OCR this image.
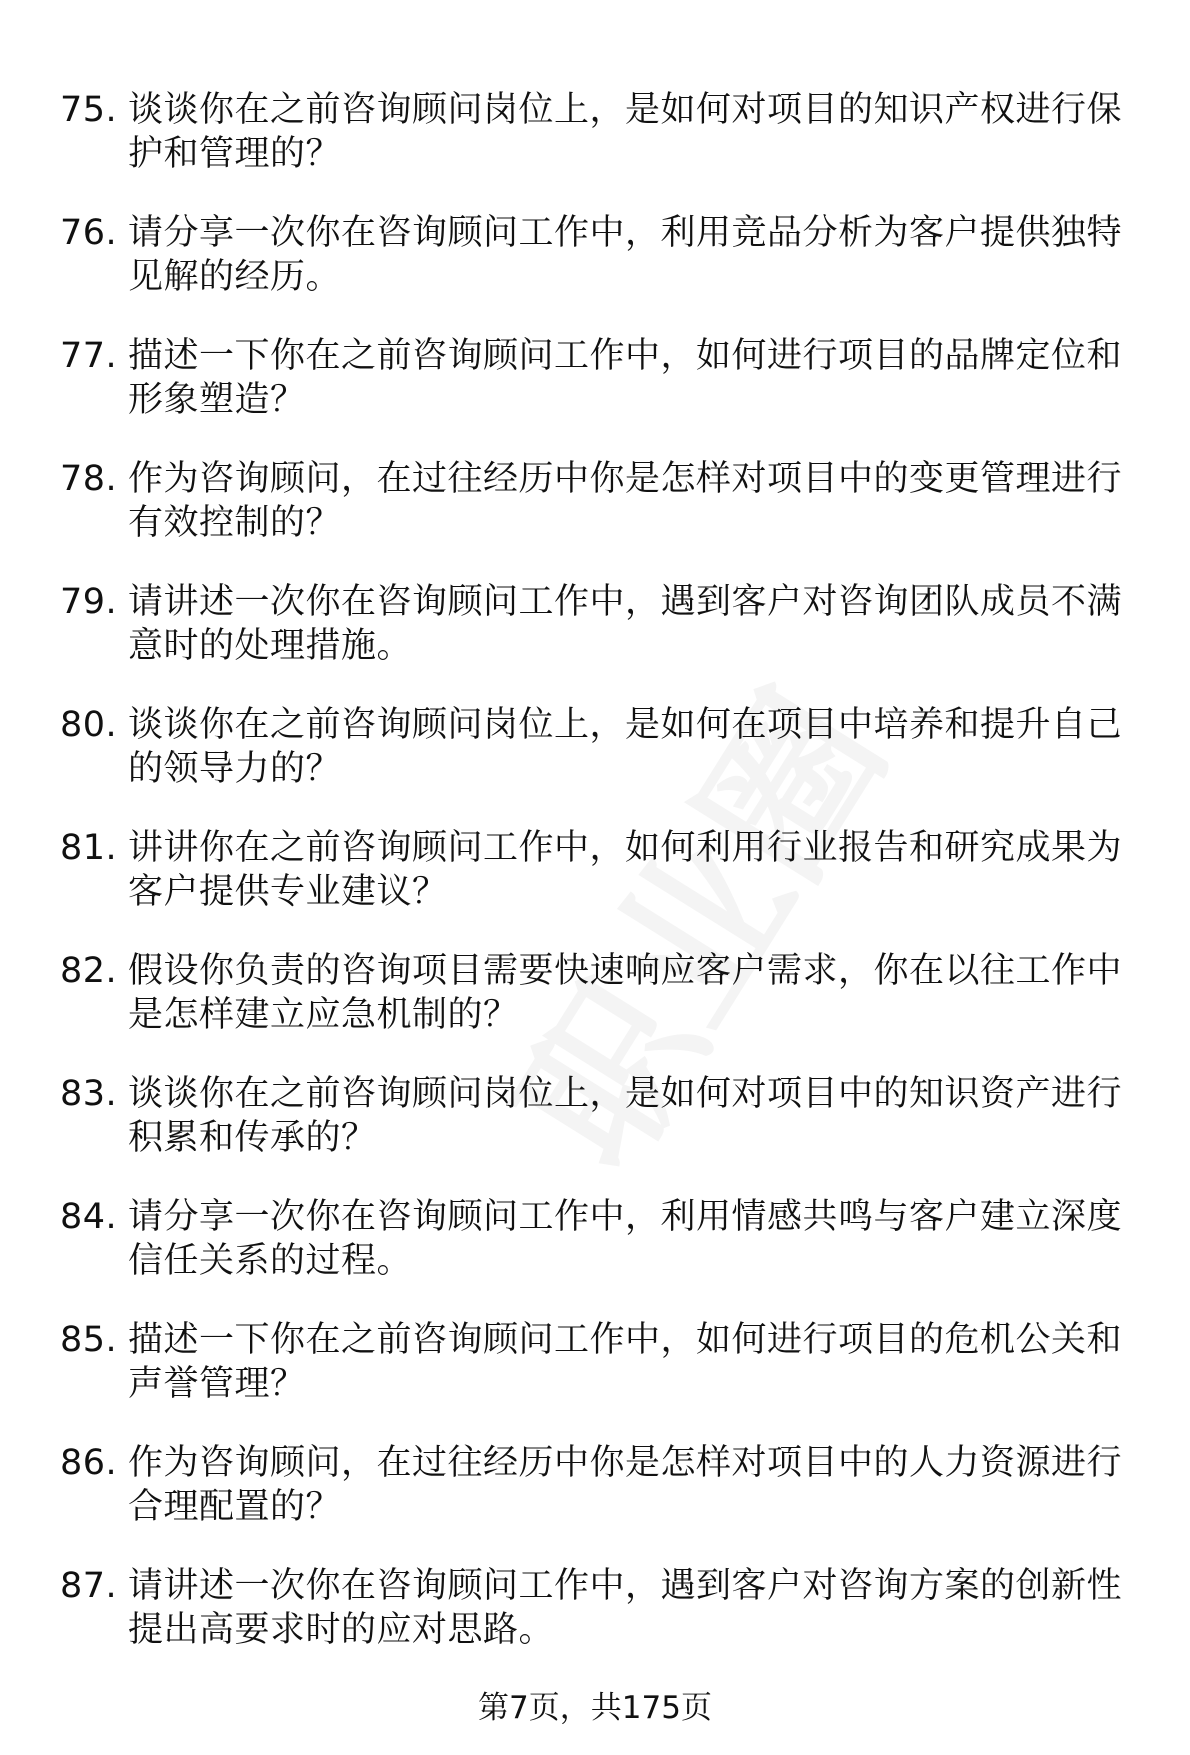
75. 谈谈你在之前咨询顾问岗位上，是如何对项目的知识产权进行保护和管理的？
76. 请分享一次你在咨询顾问工作中，利用竞品分析为客户提供独特见解的经历。
77. 描述一下你在之前咨询顾问工作中，如何进行项目的品牌定位和形象塑造？
78. 作为咨询顾问，在过往经历中你是怎样对项目中的变更管理进行有效控制的？
79. 请讲述一次你在咨询顾问工作中，遇到客户对咨询团队成员不满意时的处理措施。
80. 谈谈你在之前咨询顾问岗位上，是如何在项目中培养和提升自己的领导力的？
81. 讲讲你在之前咨询顾问工作中，如何利用行业报告和研究成果为客户提供专业建议？
82. 假设你负责的咨询项目需要快速响应客户需求，你在以往工作中是怎样建立应急机制的？
83. 谈谈你在之前咨询顾问岗位上，是如何对项目中的知识资产进行积累和传承的？
84. 请分享一次你在咨询顾问工作中，利用情感共鸣与客户建立深度信任关系的过程。
85. 描述一下你在之前咨询顾问工作中，如何进行项目的危机公关和声誉管理？
86. 作为咨询顾问，在过往经历中你是怎样对项目中的人力资源进行合理配置的？
87. 请讲述一次你在咨询顾问工作中，遇到客户对咨询方案的创新性提出高要求时的应对思路。
第7页，共175页
